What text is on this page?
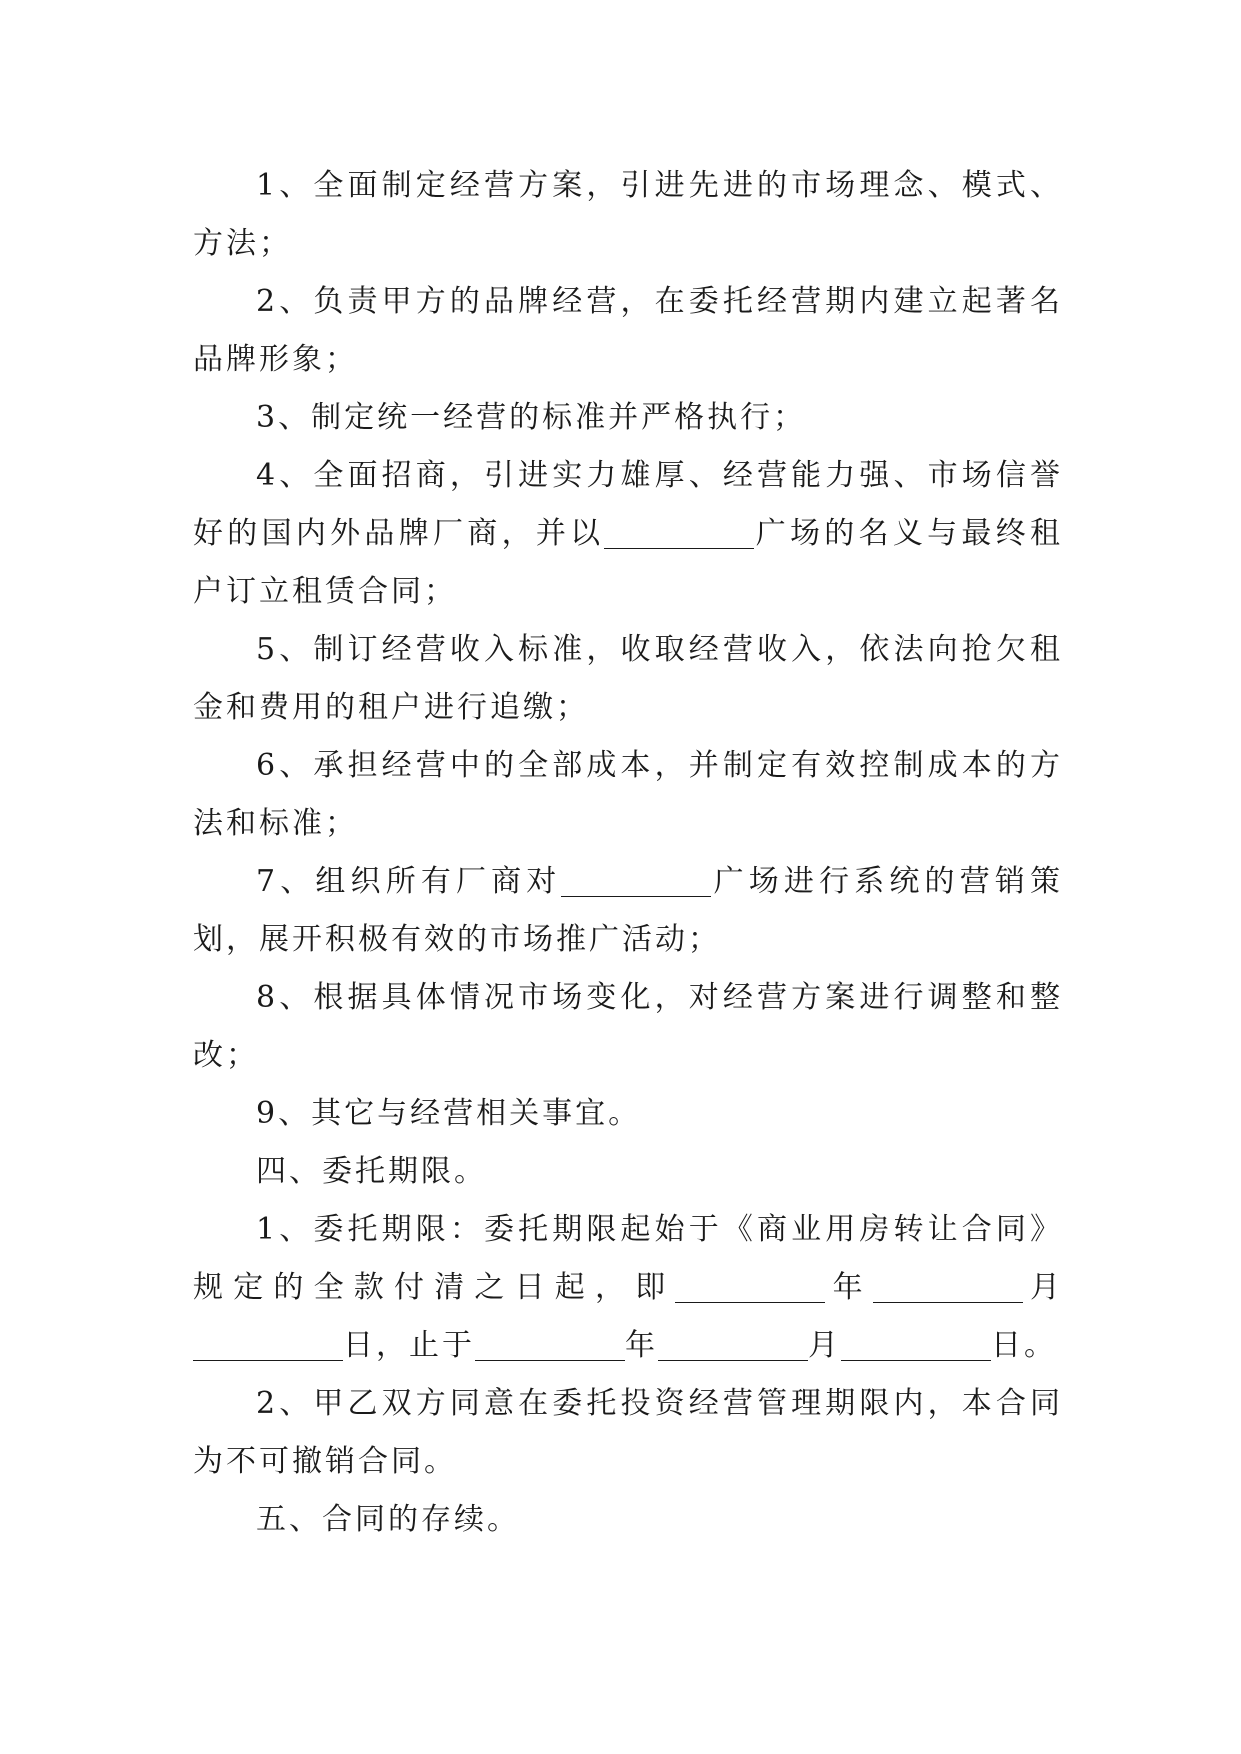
1、全面制定经营方案，引进先进的市场理念、模式、方法；

2、负责甲方的品牌经营，在委托经营期内建立起著名品牌形象；

3、制定统一经营的标准并严格执行；

4、全面招商，引进实力雄厚、经营能力强、市场信誉好的国内外品牌厂商，并以	广场的名义与最终租户订立租赁合同；

5、制订经营收入标准，收取经营收入，依法向抢欠租金和费用的租户进行追缴；

6、承担经营中的全部成本，并制定有效控制成本的方法和标准；

7、组织所有厂商对	广场进行系统的营销策划，展开积极有效的市场推广活动；

8、根据具体情况市场变化，对经营方案进行调整和整改；

9、其它与经营相关事宜。

四、委托期限。

1、委托期限：委托期限起始于《商业用房转让合同》规定的全款付清之日起，即	年	月日，止于	年	月	日。

2、甲乙双方同意在委托投资经营管理期限内，本合同为不可撤销合同。

五、合同的存续。
